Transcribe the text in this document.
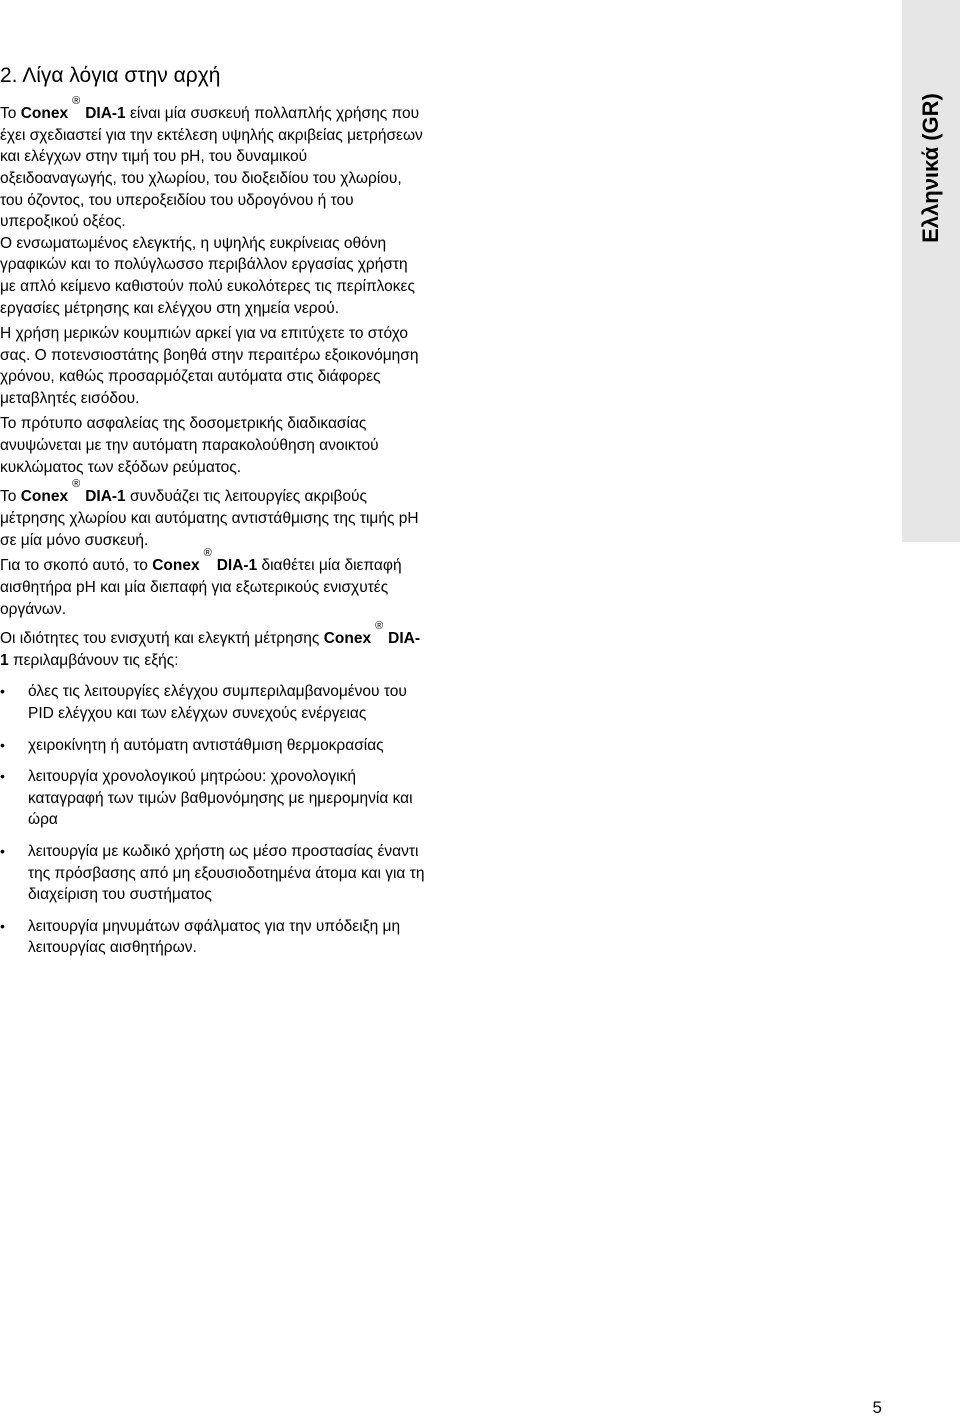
Ελληνικά (GR)
2. Λίγα λόγια στην αρχή

Το Conex®DIA-1 είναι μία συσκευή πολλαπλής χρήσης που έχει σχεδιαστεί για την εκτέλεση υψηλής ακριβείας μετρήσεων και ελέγχων στην τιμή του pH, του δυναμικού οξειδοαναγωγής, του χλωρίου, του διοξειδίου του χλωρίου, του όζοντος, του υπεροξειδίου του υδρογόνου ή του υπεροξικού οξέος.

Ο ενσωματωμένος ελεγκτής, η υψηλής ευκρίνειας οθόνη γραφικών και το πολύγλωσσο περιβάλλον εργασίας χρήστη με απλό κείμενο καθιστούν πολύ ευκολότερες τις περίπλοκες εργασίες μέτρησης και ελέγχου στη χημεία νερού.

Η χρήση μερικών κουμπιών αρκεί για να επιτύχετε το στόχο σας. Ο ποτενσιοστάτης βοηθά στην περαιτέρω εξοικονόμηση χρόνου, καθώς προσαρμόζεται αυτόματα στις διάφορες μεταβλητές εισόδου.

Το πρότυπο ασφαλείας της δοσομετρικής διαδικασίας ανυψώνεται με την αυτόματη παρακολούθηση ανοικτού κυκλώματος των εξόδων ρεύματος.

Το Conex®DIA-1 συνδυάζει τις λειτουργίες ακριβούς μέτρησης χλωρίου και αυτόματης αντιστάθμισης της τιμής pH σε μία μόνο συσκευή.

Για το σκοπό αυτό, το Conex®DIA-1 διαθέτει μία διεπαφή αισθητήρα pH και μία διεπαφή για εξωτερικούς ενισχυτές οργάνων.

Οι ιδιότητες του ενισχυτή και ελεγκτή μέτρησης Conex®DIA-1 περιλαμβάνουν τις εξής:

• όλες τις λειτουργίες ελέγχου συμπεριλαμβανομένου του PID ελέγχου και των ελέγχων συνεχούς ενέργειας
• χειροκίνητη ή αυτόματη αντιστάθμιση θερμοκρασίας
• λειτουργία χρονολογικού μητρώου: χρονολογική καταγραφή των τιμών βαθμονόμησης με ημερομηνία και ώρα
• λειτουργία με κωδικό χρήστη ως μέσο προστασίας έναντι της πρόσβασης από μη εξουσιοδοτημένα άτομα και για τη διαχείριση του συστήματος
• λειτουργία μηνυμάτων σφάλματος για την υπόδειξη μη λειτουργίας αισθητήρων.
5
